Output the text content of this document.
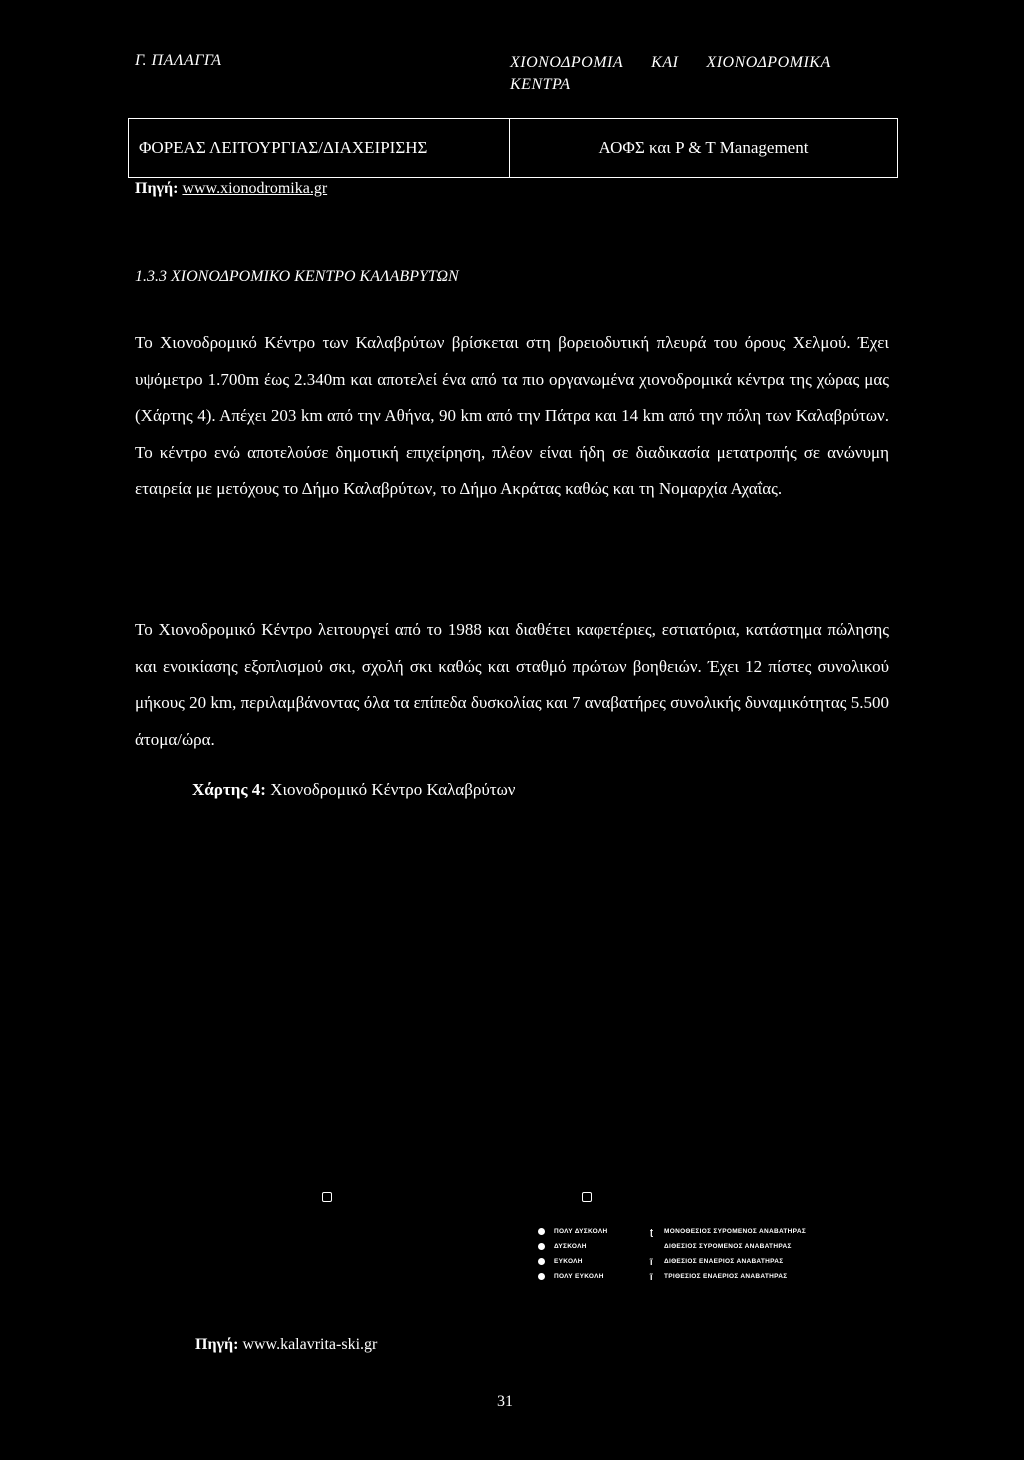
Γ. ΠΑΛΑΓΓΑ	ΧΙΟΝΟΔΡΟΜΙΑ ΚΑΙ ΧΙΟΝΟΔΡΟΜΙΚΑ
ΚΕΝΤΡΑ
ΦΟΡΕΑΣ ΛΕΙΤΟΥΡΓΙΑΣ/ΔΙΑΧΕΙΡΙΣΗΣ	ΑΟΦΣ και P & T Management
Πηγή: www.xionodromika.gr
1.3.3 ΧΙΟΝΟΔΡΟΜΙΚΟ ΚΕΝΤΡΟ ΚΑΛΑΒΡΥΤΩΝ
Το Χιονοδρομικό Κέντρο των Καλαβρύτων βρίσκεται στη βορειοδυτική πλευρά του όρους Χελμού. Έχει υψόμετρο 1.700m έως 2.340m και αποτελεί ένα από τα πιο οργανωμένα χιονοδρομικά κέντρα της χώρας μας (Χάρτης 4). Απέχει 203 km από την Αθήνα, 90 km από την Πάτρα και 14 km από την πόλη των Καλαβρύτων. Το κέντρο ενώ αποτελούσε δημοτική επιχείρηση, πλέον είναι ήδη σε διαδικασία μετατροπής σε ανώνυμη εταιρεία με μετόχους το Δήμο Καλαβρύτων, το Δήμο Ακράτας καθώς και τη Νομαρχία Αχαΐας.
Το Χιονοδρομικό Κέντρο λειτουργεί από το 1988 και διαθέτει καφετέριες, εστιατόρια, κατάστημα πώλησης και ενοικίασης εξοπλισμού σκι, σχολή σκι καθώς και σταθμό πρώτων βοηθειών. Έχει 12 πίστες συνολικού μήκους 20 km, περιλαμβάνοντας όλα τα επίπεδα δυσκολίας και 7 αναβατήρες συνολικής δυναμικότητας 5.500 άτομα/ώρα.
Χάρτης 4: Χιονοδρομικό Κέντρο Καλαβρύτων
ΠΟΛΥ ΔΥΣΚΟΛΗ
ΔΥΣΚΟΛΗ
ΕΥΚΟΛΗ
ΠΟΛΥ ΕΥΚΟΛΗ
ʈ	ΜΟΝΟΘΕΣΙΟΣ ΣΥΡΟΜΕΝΟΣ ΑΝΑΒΑΤΗΡΑΣ
ΔΙΘΕΣΙΟΣ ΣΥΡΟΜΕΝΟΣ ΑΝΑΒΑΤΗΡΑΣ
ĩ	ΔΙΘΕΣΙΟΣ ΕΝΑΕΡΙΟΣ ΑΝΑΒΑΤΗΡΑΣ
ĩ	ΤΡΙΘΕΣΙΟΣ ΕΝΑΕΡΙΟΣ ΑΝΑΒΑΤΗΡΑΣ
Πηγή: www.kalavrita-ski.gr
31
